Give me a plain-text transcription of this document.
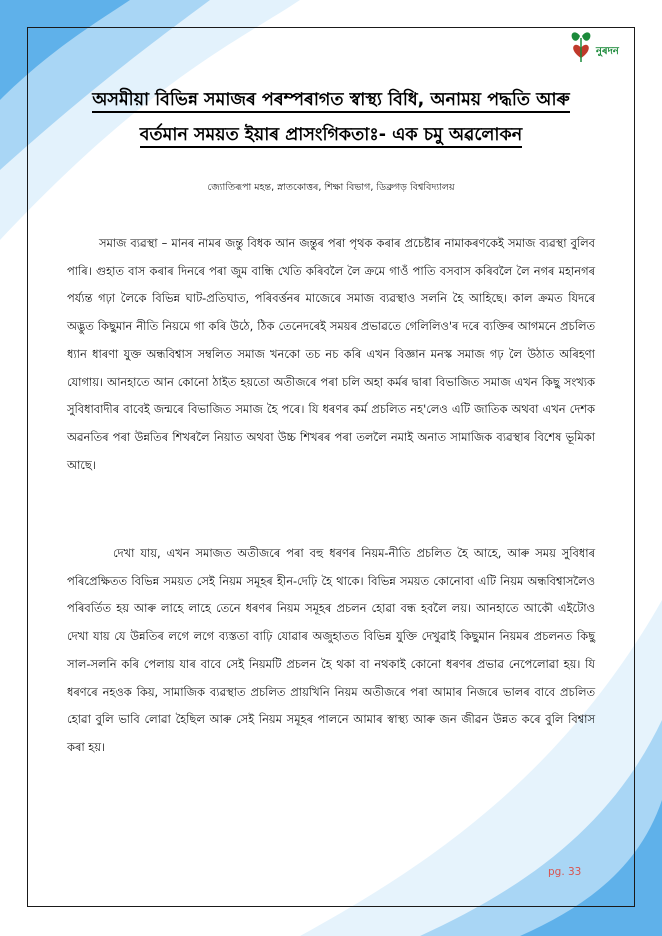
নুৰদন
অসমীয়া বিভিন্ন সমাজৰ পৰম্পৰাগত স্বাস্থ্য বিধি, অনাময় পদ্ধতি আৰু
বৰ্তমান সময়ত ইয়াৰ প্ৰাসংগিকতাঃ- এক চমু অৱলোকন
জ্যোতিৰূপা মহন্ত, স্নাতকোত্তৰ, শিক্ষা বিভাগ, ডিব্ৰুগড় বিশ্ববিদ্যালয়

সমাজ ব্যৱস্থা – মানৰ নামৰ জন্তু বিধক আন জন্তুৰ পৰা পৃথক কৰাৰ প্ৰচেষ্টাৰ নামাকৰণকেই সমাজ ব্যৱস্থা বুলিব পাৰি। গুহাত বাস কৰাৰ দিনৰে পৰা জুম বান্ধি খেতি কৰিবলৈ লৈ ক্ৰমে গাওঁ পাতি বসবাস কৰিবলৈ লৈ নগৰ মহানগৰ পৰ্য্যন্ত গঢ়া লৈকে বিভিন্ন ঘাট-প্ৰতিঘাত, পৰিবৰ্ত্তনৰ মাজেৰে সমাজ ব্যৱস্থাও সলনি হৈ আহিছে। কাল ক্ৰমত যিদৰে অদ্ভুত কিছুমান নীতি নিয়মে গা কৰি উঠে, ঠিক তেনেদৰেই সময়ৰ প্ৰভাৱতে গেলিলিও'ৰ দৰে ব্যক্তিৰ আগমনে প্ৰচলিত ধ্যান ধাৰণা যুক্ত অন্ধবিশ্বাস সম্বলিত সমাজ খনকো তচ নচ কৰি এখন বিজ্ঞান মনস্ক সমাজ গঢ় লৈ উঠাত অৰিহণা যোগায়। আনহাতে আন কোনো ঠাইত হয়তো অতীজৰে পৰা চলি অহা কৰ্মৰ দ্বাৰা বিভাজিত সমাজ এখন কিছু সংখ্যক সুবিধাবাদীৰ বাবেই জন্মৰে বিভাজিত সমাজ হৈ পৰে। যি ধৰণৰ কৰ্ম প্ৰচলিত নহ'লেও এটি জাতিক অথবা এখন দেশক অৱনতিৰ পৰা উন্নতিৰ শিখৰলৈ নিয়াত অথবা উচ্চ শিখৰৰ পৰা তললৈ নমাই অনাত সামাজিক ব্যৱস্থাৰ বিশেষ ভূমিকা আছে।

দেখা যায়, এখন সমাজত অতীজৰে পৰা বহু ধৰণৰ নিয়ম-নীতি প্ৰচলিত হৈ আহে, আৰু সময় সুবিধাৰ পৰিপ্ৰেক্ষিতত বিভিন্ন সময়ত সেই নিয়ম সমূহৰ হীন-দেঢ়ি হৈ থাকে। বিভিন্ন সময়ত কোনোবা এটি নিয়ম অন্ধবিশ্বাসলৈও পৰিবৰ্তিত হয় আৰু লাহে লাহে তেনে ধৰণৰ নিয়ম সমূহৰ প্ৰচলন হোৱা বন্ধ হবলৈ লয়। আনহাতে আকৌ এইটোও দেখা যায় যে উন্নতিৰ লগে লগে ব্যস্ততা বাঢ়ি যোৱাৰ অজুহাতত বিভিন্ন যুক্তি দেখুৱাই কিছুমান নিয়মৰ প্ৰচলনত কিছু সাল-সলনি কৰি পেলায় যাৰ বাবে সেই নিয়মটি প্ৰচলন হৈ থকা বা নথকাই কোনো ধৰণৰ প্ৰভাৱ নেপেলোৱা হয়। যি ধৰণৰে নহওক কিয়, সামাজিক ব্যৱস্থাত প্ৰচলিত প্ৰায়খিনি নিয়ম অতীজৰে পৰা আমাৰ নিজৰে ভালৰ বাবে প্ৰচলিত হোৱা বুলি ভাবি লোৱা হৈছিল আৰু সেই নিয়ম সমূহৰ পালনে আমাৰ স্বাস্থ্য আৰু জন জীৱন উন্নত কৰে বুলি বিশ্বাস কৰা হয়।

pg. 33
